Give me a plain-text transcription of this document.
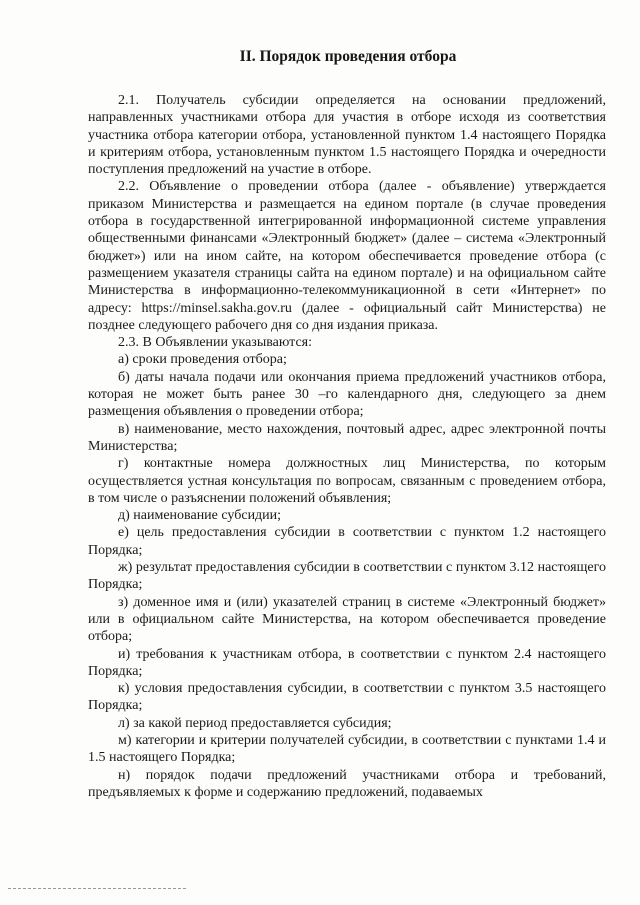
II. Порядок проведения отбора

2.1. Получатель субсидии определяется на основании предложений, направленных участниками отбора для участия в отборе исходя из соответствия участника отбора категории отбора, установленной пунктом 1.4 настоящего Порядка и критериям отбора, установленным пунктом 1.5 настоящего Порядка и очередности поступления предложений на участие в отборе.

2.2. Объявление о проведении отбора (далее - объявление) утверждается приказом Министерства и размещается на едином портале (в случае проведения отбора в государственной интегрированной информационной системе управления общественными финансами «Электронный бюджет» (далее – система «Электронный бюджет») или на ином сайте, на котором обеспечивается проведение отбора (с размещением указателя страницы сайта на едином портале) и на официальном сайте Министерства в информационно-телекоммуникационной в сети «Интернет» по адресу: https://minsel.sakha.gov.ru (далее - официальный сайт Министерства) не позднее следующего рабочего дня со дня издания приказа.

2.3. В Объявлении указываются:

а) сроки проведения отбора;

б) даты начала подачи или окончания приема предложений участников отбора, которая не может быть ранее 30 –го календарного дня, следующего за днем размещения объявления о проведении отбора;

в) наименование, место нахождения, почтовый адрес, адрес электронной почты Министерства;

г) контактные номера должностных лиц Министерства, по которым осуществляется устная консультация по вопросам, связанным с проведением отбора, в том числе о разъяснении положений объявления;

д) наименование субсидии;

е) цель предоставления субсидии в соответствии с пунктом 1.2 настоящего Порядка;

ж) результат предоставления субсидии в соответствии с пунктом 3.12 настоящего Порядка;

з) доменное имя и (или) указателей страниц в системе «Электронный бюджет» или в официальном сайте Министерства, на котором обеспечивается проведение отбора;

и) требования к участникам отбора, в соответствии с пунктом 2.4 настоящего Порядка;

к) условия предоставления субсидии, в соответствии с пунктом 3.5 настоящего Порядка;

л) за какой период предоставляется субсидия;

м) категории и критерии получателей субсидии, в соответствии с пунктами 1.4 и 1.5 настоящего Порядка;

н) порядок подачи предложений участниками отбора и требований, предъявляемых к форме и содержанию предложений, подаваемых
